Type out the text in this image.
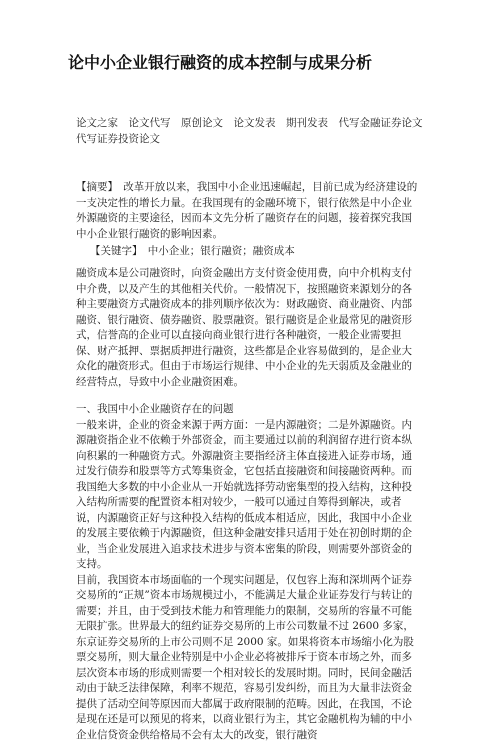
论中小企业银行融资的成本控制与成果分析
论文之家　论文代写　原创论文　论文发表　期刊发表　代写金融证券论文　代写证券投资论文
【摘要】　改革开放以来，我国中小企业迅速崛起，目前已成为经济建设的一支决定性的增长力量。在我国现有的金融环境下，银行依然是中小企业外源融资的主要途径，因而本文先分析了融资存在的问题，接着探究我国中小企业银行融资的影响因素。
【关键字】　中小企业；银行融资；融资成本

融资成本是公司融资时，向资金融出方支付资金使用费，向中介机构支付中介费，以及产生的其他相关代价。一般情况下，按照融资来源划分的各种主要融资方式融资成本的排列顺序依次为：财政融资、商业融资、内部融资、银行融资、债券融资、股票融资。银行融资是企业最常见的融资形式，信誉高的企业可以直接向商业银行进行各种融资，一般企业需要担保、财产抵押、票据质押进行融资，这些都是企业容易做到的，是企业大众化的融资形式。但由于市场运行规律、中小企业的先天弱质及金融业的经营特点，导致中小企业融资困难。

一、我国中小企业融资存在的问题

一般来讲，企业的资金来源于两方面：一是内源融资；二是外源融资。内源融资指企业不依赖于外部资金，而主要通过以前的利润留存进行资本纵向积累的一种融资方式。外源融资主要指经济主体直接进入证券市场，通过发行债券和股票等方式筹集资金，它包括直接融资和间接融资两种。而我国绝大多数的中小企业从一开始就选择劳动密集型的投入结构，这种投入结构所需要的配置资本相对较少，一般可以通过自筹得到解决，或者说，内源融资正好与这种投入结构的低成本相适应，因此，我国中小企业的发展主要依赖于内源融资，但这种金融安排只适用于处在初创时期的企业，当企业发展进入追求技术进步与资本密集的阶段，则需要外部资金的支持。

目前，我国资本市场面临的一个现实问题是，仅包容上海和深圳两个证券交易所的“正规”资本市场规模过小，不能满足大量企业证券发行与转让的需要；并且，由于受到技术能力和管理能力的限制，交易所的容量不可能无限扩张。世界最大的纽约证券交易所的上市公司数量不过 2600 多家，东京证券交易所的上市公司则不足 2000 家。如果将资本市场缩小化为股票交易所，则大量企业特别是中小企业必将被排斥于资本市场之外，而多层次资本市场的形成则需要一个相对较长的发展时期。同时，民间金融活动由于缺乏法律保障，利率不规范，容易引发纠纷，而且为大量非法资金提供了活动空间等原因而大都属于政府限制的范畴。因此，在我国，不论是现在还是可以预见的将来，以商业银行为主，其它金融机构为辅的中小企业信贷资金供给格局不会有太大的改变，银行融资
